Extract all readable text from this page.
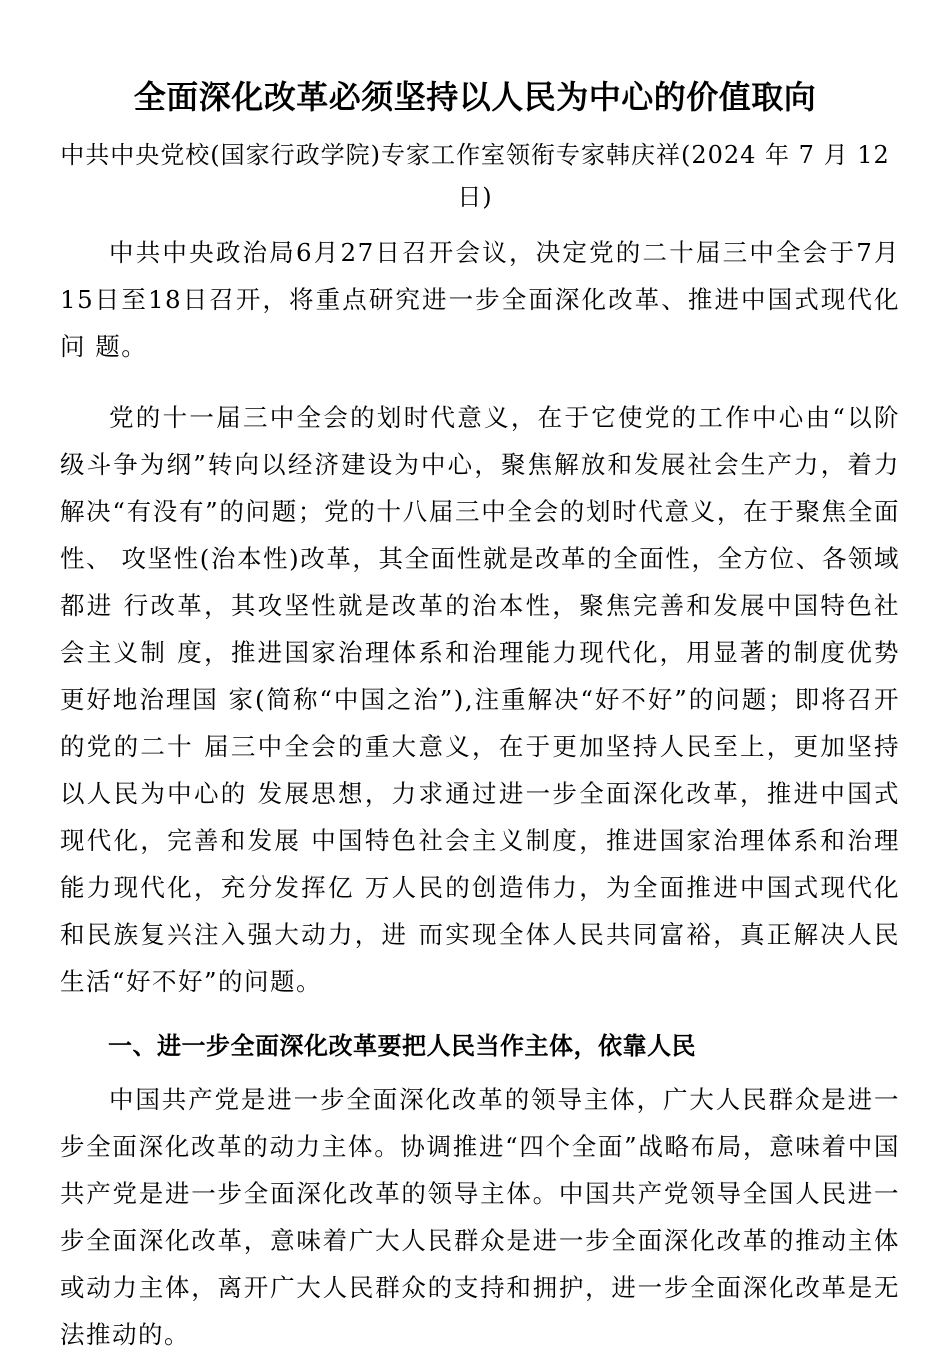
全面深化改革必须坚持以人民为中心的价值取向
中共中央党校(国家行政学院)专家工作室领衔专家韩庆祥(2024 年 7 月 12 日)

中共中央政治局6月27日召开会议，决定党的二十届三中全会于7月 15日至18日召开，将重点研究进一步全面深化改革、推进中国式现代化问 题。

党的十一届三中全会的划时代意义，在于它使党的工作中心由“以阶级斗争为纲”转向以经济建设为中心，聚焦解放和发展社会生产力，着力解决“有没有”的问题；党的十八届三中全会的划时代意义，在于聚焦全面性、 攻坚性(治本性)改革，其全面性就是改革的全面性，全方位、各领域都进 行改革，其攻坚性就是改革的治本性，聚焦完善和发展中国特色社会主义制 度，推进国家治理体系和治理能力现代化，用显著的制度优势更好地治理国 家(简称“中国之治”),注重解决“好不好”的问题；即将召开的党的二十 届三中全会的重大意义，在于更加坚持人民至上，更加坚持以人民为中心的 发展思想，力求通过进一步全面深化改革，推进中国式现代化，完善和发展 中国特色社会主义制度，推进国家治理体系和治理能力现代化，充分发挥亿 万人民的创造伟力，为全面推进中国式现代化和民族复兴注入强大动力，进 而实现全体人民共同富裕，真正解决人民生活“好不好”的问题。

一、进一步全面深化改革要把人民当作主体，依靠人民

中国共产党是进一步全面深化改革的领导主体，广大人民群众是进一步全面深化改革的动力主体。协调推进“四个全面”战略布局，意味着中国共产党是进一步全面深化改革的领导主体。中国共产党领导全国人民进一步全面深化改革，意味着广大人民群众是进一步全面深化改革的推动主体或动力主体，离开广大人民群众的支持和拥护，进一步全面深化改革是无法推动的。
